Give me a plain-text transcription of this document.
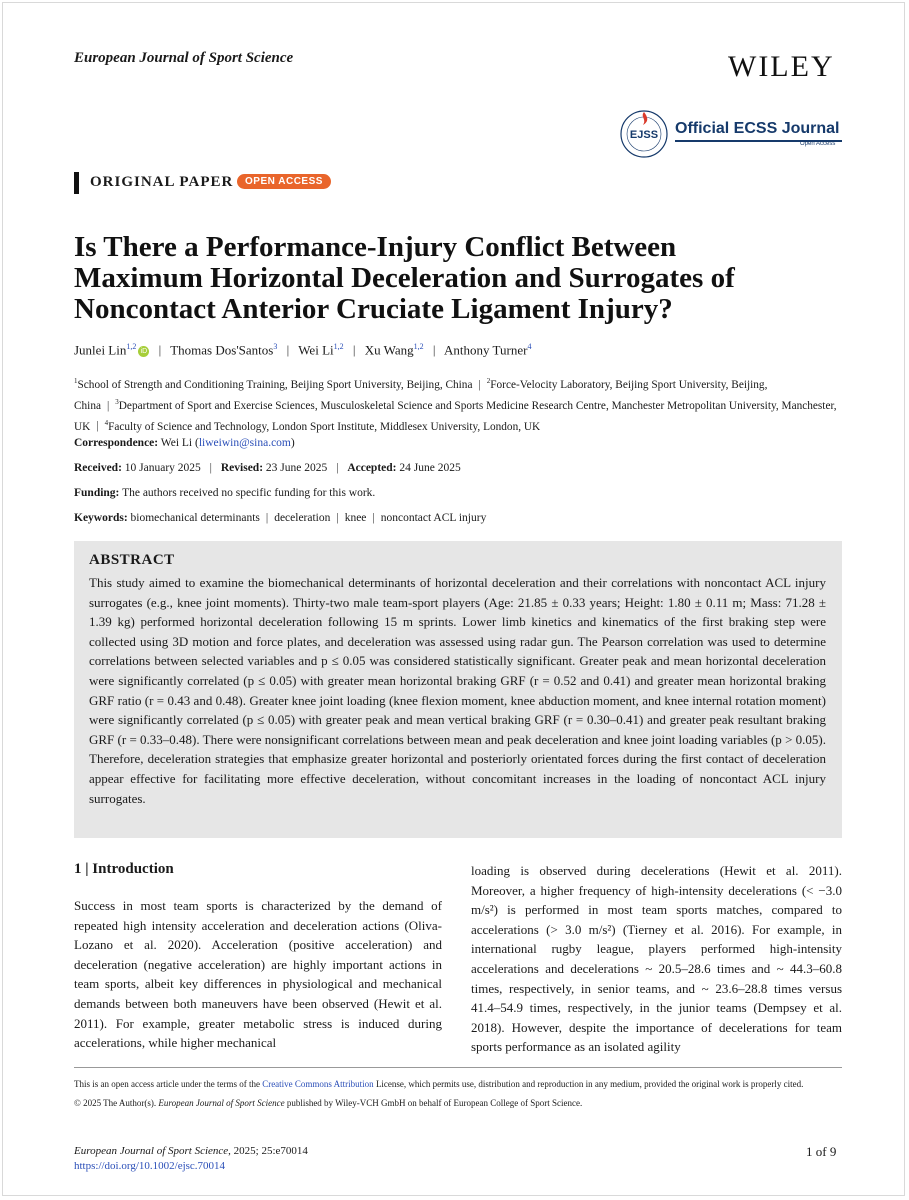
European Journal of Sport Science	WILEY
EJSS Official ECSS Journal
Open Access
ORIGINAL PAPER	OPEN ACCESS
Is There a Performance-Injury Conflict Between
Maximum Horizontal Deceleration and Surrogates of
Noncontact Anterior Cruciate Ligament Injury?
Junlei Lin$^{1,2}$iD | Thomas Dos'Santos$^3$ | Wei Li$^{1,2}$ | Xu Wang$^{1,2}$ | Anthony Turner$^4$
$^1$School of Strength and Conditioning Training, Beijing Sport University, Beijing, China | $^2$Force-Velocity Laboratory, Beijing Sport University, Beijing, China | $^3$Department of Sport and Exercise Sciences, Musculoskeletal Science and Sports Medicine Research Centre, Manchester Metropolitan University, Manchester, UK | $^4$Faculty of Science and Technology, London Sport Institute, Middlesex University, London, UK
Correspondence: Wei Li (liweiwin@sina.com)
Received: 10 January 2025 | Revised: 23 June 2025 | Accepted: 24 June 2025
Funding: The authors received no specific funding for this work.
Keywords: biomechanical determinants | deceleration | knee | noncontact ACL injury
ABSTRACT
This study aimed to examine the biomechanical determinants of horizontal deceleration and their correlations with noncontact ACL injury surrogates (e.g., knee joint moments). Thirty-two male team-sport players (Age: 21.85 ± 0.33 years; Height: 1.80 ± 0.11 m; Mass: 71.28 ± 1.39 kg) performed horizontal deceleration following 15 m sprints. Lower limb kinetics and kinematics of the first braking step were collected using 3D motion and force plates, and deceleration was assessed using radar gun. The Pearson correlation was used to determine correlations between selected variables and p ≤ 0.05 was considered statistically significant. Greater peak and mean horizontal deceleration were significantly correlated (p ≤ 0.05) with greater mean horizontal braking GRF (r = 0.52 and 0.41) and greater mean horizontal braking GRF ratio (r = 0.43 and 0.48). Greater knee joint loading (knee flexion moment, knee abduction moment, and knee internal rotation moment) were significantly correlated (p ≤ 0.05) with greater peak and mean vertical braking GRF (r = 0.30–0.41) and greater peak resultant braking GRF (r = 0.33–0.48). There were nonsignificant correlations between mean and peak deceleration and knee joint loading variables (p > 0.05). Therefore, deceleration strategies that emphasize greater horizontal and posteriorly orientated forces during the first contact of deceleration appear effective for facilitating more effective deceleration, without concomitant increases in the loading of noncontact ACL injury surrogates.
1 | Introduction
Success in most team sports is characterized by the demand of repeated high intensity acceleration and deceleration actions (Oliva-Lozano et al. 2020). Acceleration (positive acceleration) and deceleration (negative acceleration) are highly important actions in team sports, albeit key differences in physiological and mechanical demands between both maneuvers have been observed (Hewit et al. 2011). For example, greater metabolic stress is induced during accelerations, while higher mechanical
loading is observed during decelerations (Hewit et al. 2011). Moreover, a higher frequency of high-intensity decelerations (< −3.0 m/s²) is performed in most team sports matches, compared to accelerations (> 3.0 m/s²) (Tierney et al. 2016). For example, in international rugby league, players performed high-intensity accelerations and decelerations ~ 20.5–28.6 times and ~ 44.3–60.8 times, respectively, in senior teams, and ~ 23.6–28.8 times versus 41.4–54.9 times, respectively, in the junior teams (Dempsey et al. 2018). However, despite the importance of decelerations for team sports performance as an isolated agility
This is an open access article under the terms of the Creative Commons Attribution License, which permits use, distribution and reproduction in any medium, provided the original work is properly cited.
© 2025 The Author(s). European Journal of Sport Science published by Wiley-VCH GmbH on behalf of European College of Sport Science.
European Journal of Sport Science, 2025; 25:e70014
https://doi.org/10.1002/ejsc.70014
1 of 9
